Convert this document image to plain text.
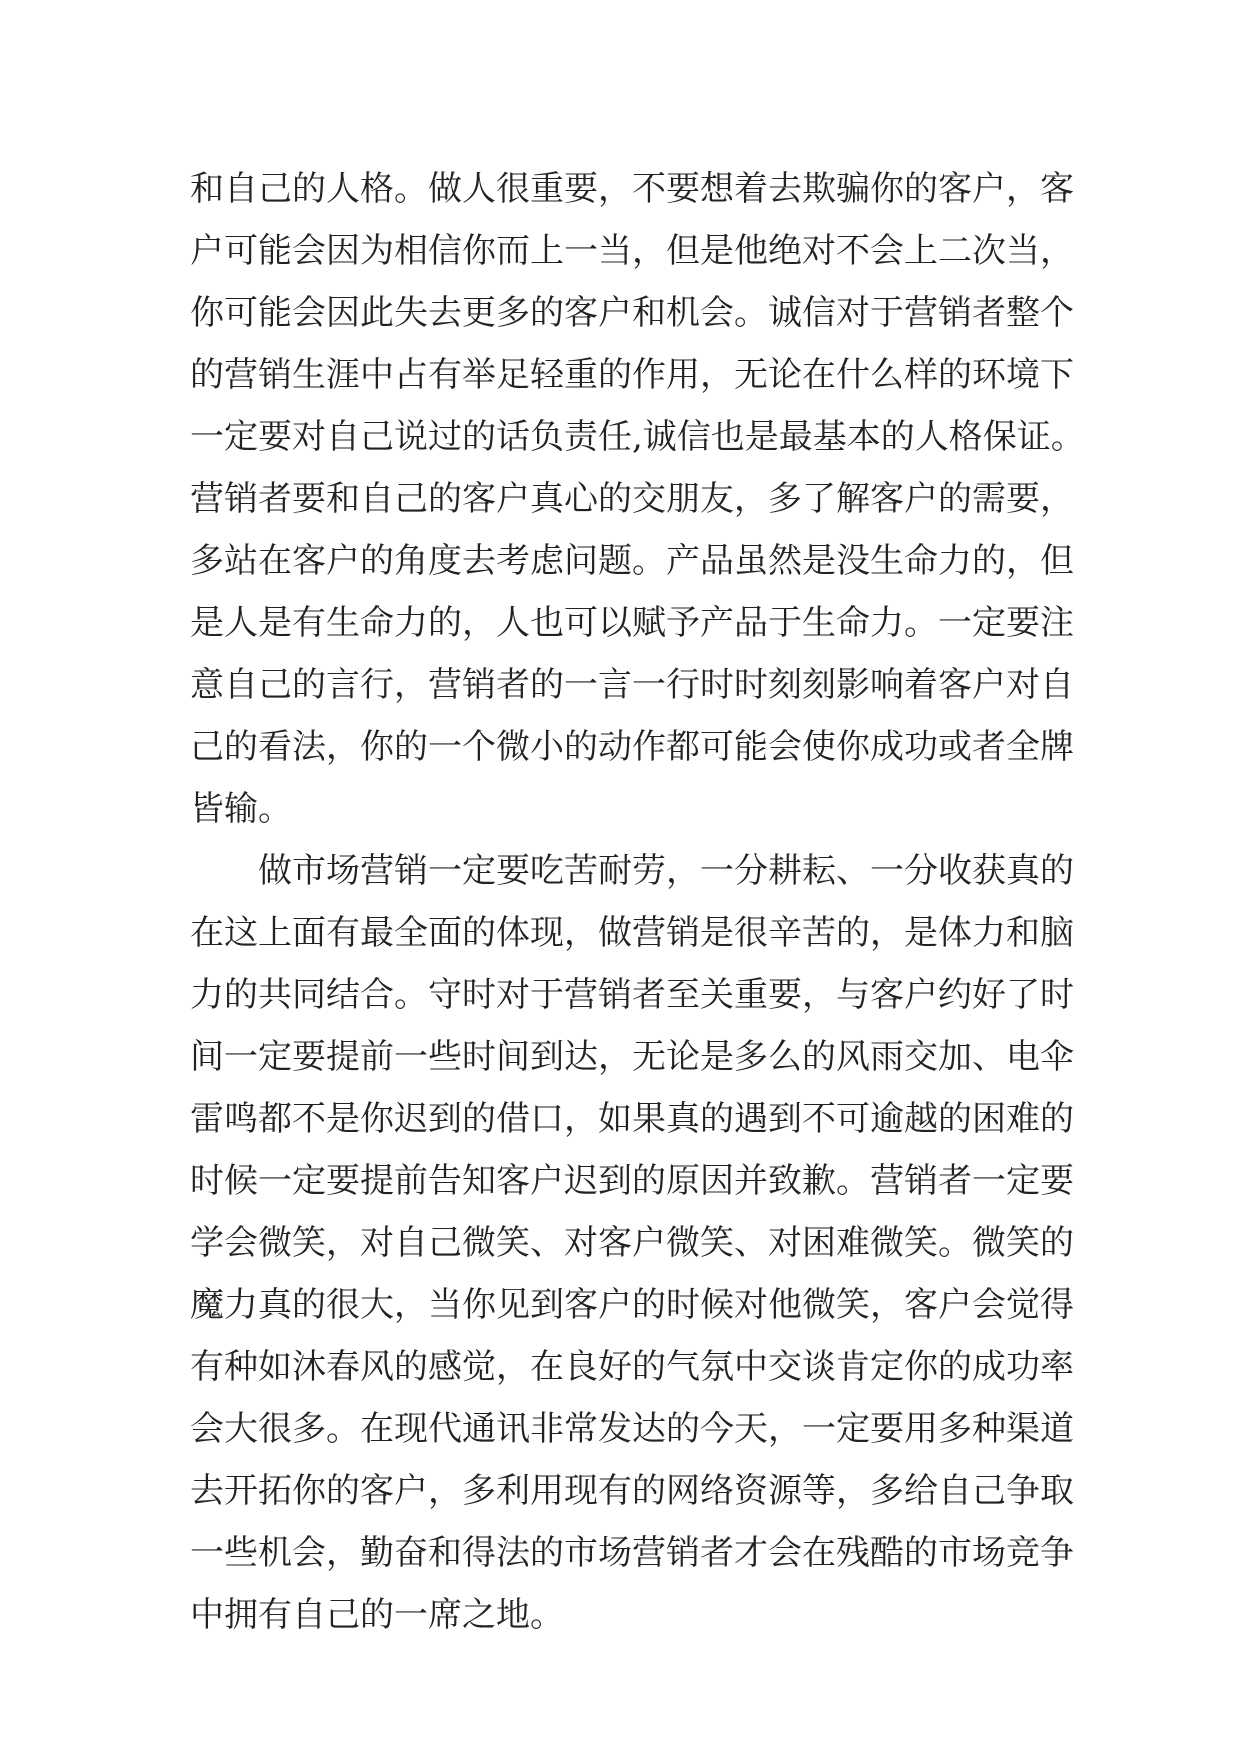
和自己的人格。做人很重要，不要想着去欺骗你的客户，客
户可能会因为相信你而上一当，但是他绝对不会上二次当，
你可能会因此失去更多的客户和机会。诚信对于营销者整个
的营销生涯中占有举足轻重的作用，无论在什么样的环境下
一定要对自己说过的话负责任,诚信也是最基本的人格保证。
营销者要和自己的客户真心的交朋友，多了解客户的需要，
多站在客户的角度去考虑问题。产品虽然是没生命力的，但
是人是有生命力的，人也可以赋予产品于生命力。一定要注
意自己的言行，营销者的一言一行时时刻刻影响着客户对自
己的看法，你的一个微小的动作都可能会使你成功或者全牌
皆输。
做市场营销一定要吃苦耐劳，一分耕耘、一分收获真的
在这上面有最全面的体现，做营销是很辛苦的，是体力和脑
力的共同结合。守时对于营销者至关重要，与客户约好了时
间一定要提前一些时间到达，无论是多么的风雨交加、电伞
雷鸣都不是你迟到的借口，如果真的遇到不可逾越的困难的
时候一定要提前告知客户迟到的原因并致歉。营销者一定要
学会微笑，对自己微笑、对客户微笑、对困难微笑。微笑的
魔力真的很大，当你见到客户的时候对他微笑，客户会觉得
有种如沐春风的感觉，在良好的气氛中交谈肯定你的成功率
会大很多。在现代通讯非常发达的今天，一定要用多种渠道
去开拓你的客户，多利用现有的网络资源等，多给自己争取
一些机会，勤奋和得法的市场营销者才会在残酷的市场竞争
中拥有自己的一席之地。
